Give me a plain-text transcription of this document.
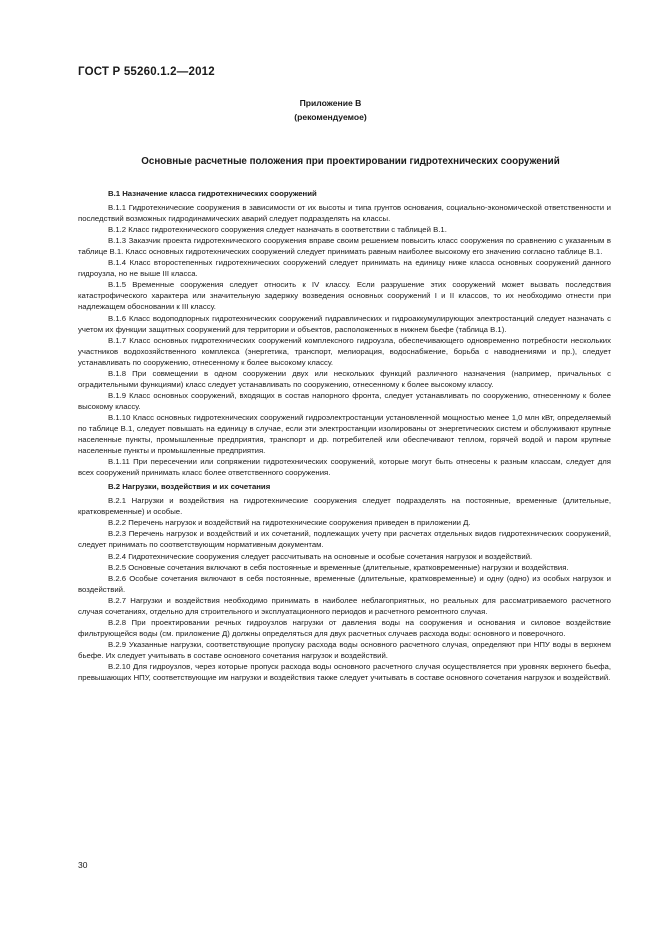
ГОСТ Р 55260.1.2—2012
Приложение В
(рекомендуемое)
Основные расчетные положения при проектировании гидротехнических сооружений

В.1 Назначение класса гидротехнических сооружений

В.1.1 Гидротехнические сооружения в зависимости от их высоты и типа грунтов основания, социально-экономической ответственности и последствий возможных гидродинамических аварий следует подразделять на классы.

В.1.2 Класс гидротехнического сооружения следует назначать в соответствии с таблицей В.1.

В.1.3 Заказчик проекта гидротехнического сооружения вправе своим решением повысить класс сооружения по сравнению с указанным в таблице В.1. Класс основных гидротехнических сооружений следует принимать равным наиболее высокому его значению согласно таблице В.1.

В.1.4 Класс второстепенных гидротехнических сооружений следует принимать на единицу ниже класса основных сооружений данного гидроузла, но не выше III класса.

В.1.5 Временные сооружения следует относить к IV классу. Если разрушение этих сооружений может вызвать последствия катастрофического характера или значительную задержку возведения основных сооружений I и II классов, то их необходимо отнести при надлежащем обосновании к III классу.

В.1.6 Класс водоподпорных гидротехнических сооружений гидравлических и гидроаккумулирующих электростанций следует назначать с учетом их функции защитных сооружений для территории и объектов, расположенных в нижнем бьефе (таблица В.1).

В.1.7 Класс основных гидротехнических сооружений комплексного гидроузла, обеспечивающего одновременно потребности нескольких участников водохозяйственного комплекса (энергетика, транспорт, мелиорация, водоснабжение, борьба с наводнениями и пр.), следует устанавливать по сооружению, отнесенному к более высокому классу.

В.1.8 При совмещении в одном сооружении двух или нескольких функций различного назначения (например, причальных с оградительными функциями) класс следует устанавливать по сооружению, отнесенному к более высокому классу.

В.1.9 Класс основных сооружений, входящих в состав напорного фронта, следует устанавливать по сооружению, отнесенному к более высокому классу.

В.1.10 Класс основных гидротехнических сооружений гидроэлектростанции установленной мощностью менее 1,0 млн кВт, определяемый по таблице В.1, следует повышать на единицу в случае, если эти электростанции изолированы от энергетических систем и обслуживают крупные населенные пункты, промышленные предприятия, транспорт и др. потребителей или обеспечивают теплом, горячей водой и паром крупные населенные пункты и промышленные предприятия.

В.1.11 При пересечении или сопряжении гидротехнических сооружений, которые могут быть отнесены к разным классам, следует для всех сооружений принимать класс более ответственного сооружения.

В.2 Нагрузки, воздействия и их сочетания

В.2.1 Нагрузки и воздействия на гидротехнические сооружения следует подразделять на постоянные, временные (длительные, кратковременные) и особые.

В.2.2 Перечень нагрузок и воздействий на гидротехнические сооружения приведен в приложении Д.

В.2.3 Перечень нагрузок и воздействий и их сочетаний, подлежащих учету при расчетах отдельных видов гидротехнических сооружений, следует принимать по соответствующим нормативным документам.

В.2.4 Гидротехнические сооружения следует рассчитывать на основные и особые сочетания нагрузок и воздействий.

В.2.5 Основные сочетания включают в себя постоянные и временные (длительные, кратковременные) нагрузки и воздействия.

В.2.6 Особые сочетания включают в себя постоянные, временные (длительные, кратковременные) и одну (одно) из особых нагрузок и воздействий.

В.2.7 Нагрузки и воздействия необходимо принимать в наиболее неблагоприятных, но реальных для рассматриваемого расчетного случая сочетаниях, отдельно для строительного и эксплуатационного периодов и расчетного ремонтного случая.

В.2.8 При проектировании речных гидроузлов нагрузки от давления воды на сооружения и основания и силовое воздействие фильтрующейся воды (см. приложение Д) должны определяться для двух расчетных случаев расхода воды: основного и поверочного.

В.2.9 Указанные нагрузки, соответствующие пропуску расхода воды основного расчетного случая, определяют при НПУ воды в верхнем бьефе. Их следует учитывать в составе основного сочетания нагрузок и воздействий.

В.2.10 Для гидроузлов, через которые пропуск расхода воды основного расчетного случая осуществляется при уровнях верхнего бьефа, превышающих НПУ, соответствующие им нагрузки и воздействия также следует учитывать в составе основного сочетания нагрузок и воздействий.

30
